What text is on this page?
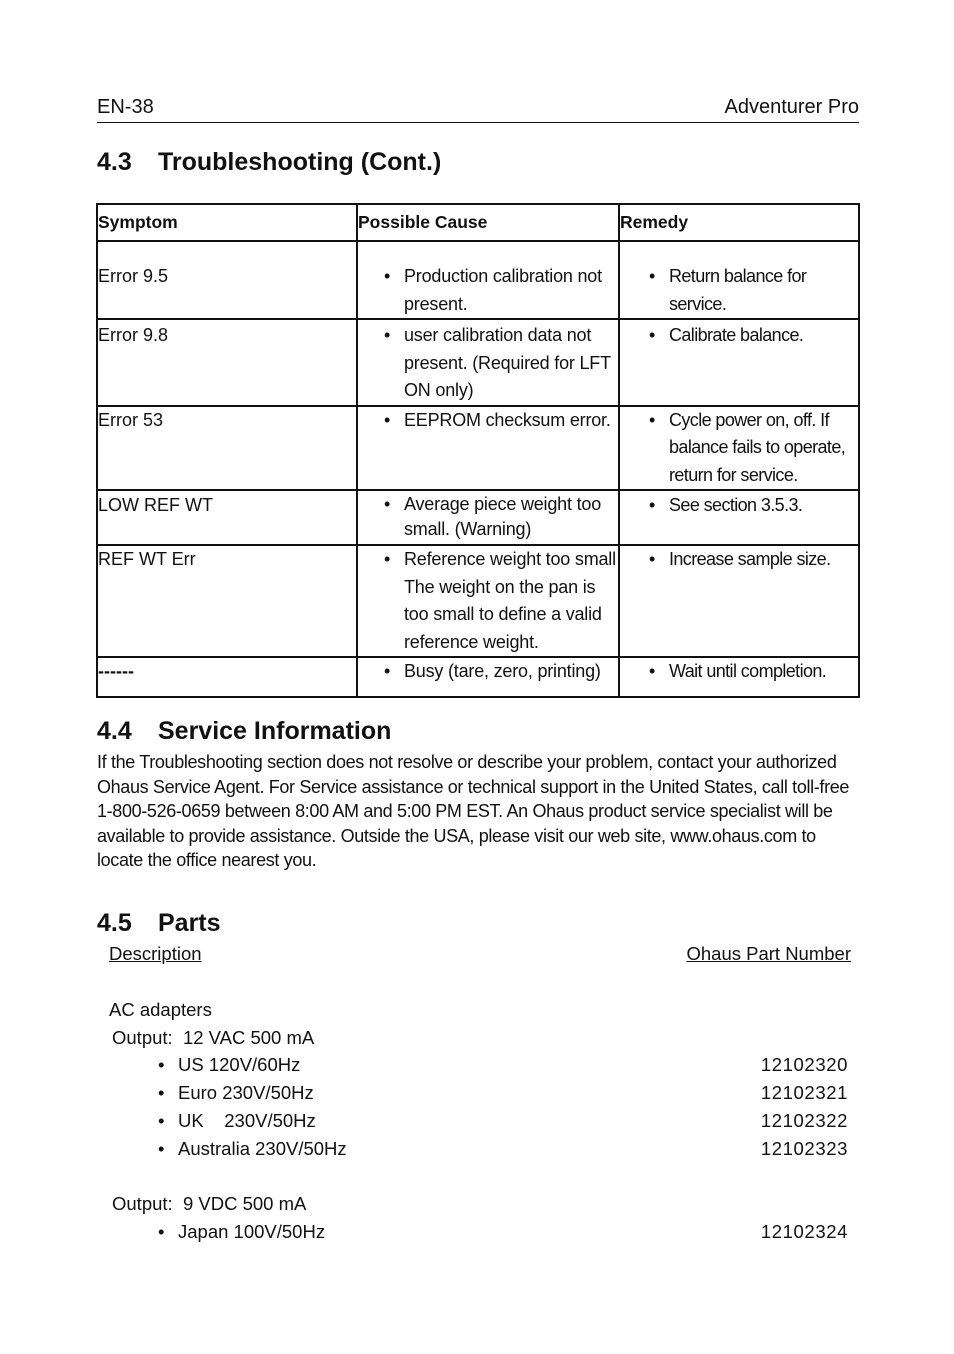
EN-38	Adventurer Pro
4.3	Troubleshooting (Cont.)
Symptom	Possible Cause	Remedy
Error 9.5	• Production calibration not present.	• Return balance for service.

Error 9.8	• user calibration data not present. (Required for LFT ON only)	• Calibrate balance.

Error 53	• EEPROM checksum error.	• Cycle power on, off. If balance fails to operate, return for service.

LOW REF WT	• Average piece weight too small. (Warning)	• See section 3.5.3.

REF WT Err	• Reference weight too small The weight on the pan is too small to define a valid reference weight.	• Increase sample size.

------	• Busy (tare, zero, printing)	• Wait until completion.
4.4	Service Information

If the Troubleshooting section does not resolve or describe your problem, contact your authorized Ohaus Service Agent. For Service assistance or technical support in the United States, call toll-free 1-800-526-0659 between 8:00 AM and 5:00 PM EST. An Ohaus product service specialist will be available to provide assistance. Outside the USA, please visit our web site, www.ohaus.com to locate the office nearest you.

4.5	Parts
Description	Ohaus Part Number
AC adapters
Output:  12 VAC 500 mA
• US 120V/60Hz	12102320
• Euro 230V/50Hz	12102321
• UK    230V/50Hz	12102322
• Australia 230V/50Hz	12102323
Output:  9 VDC 500 mA
• Japan 100V/50Hz	12102324
